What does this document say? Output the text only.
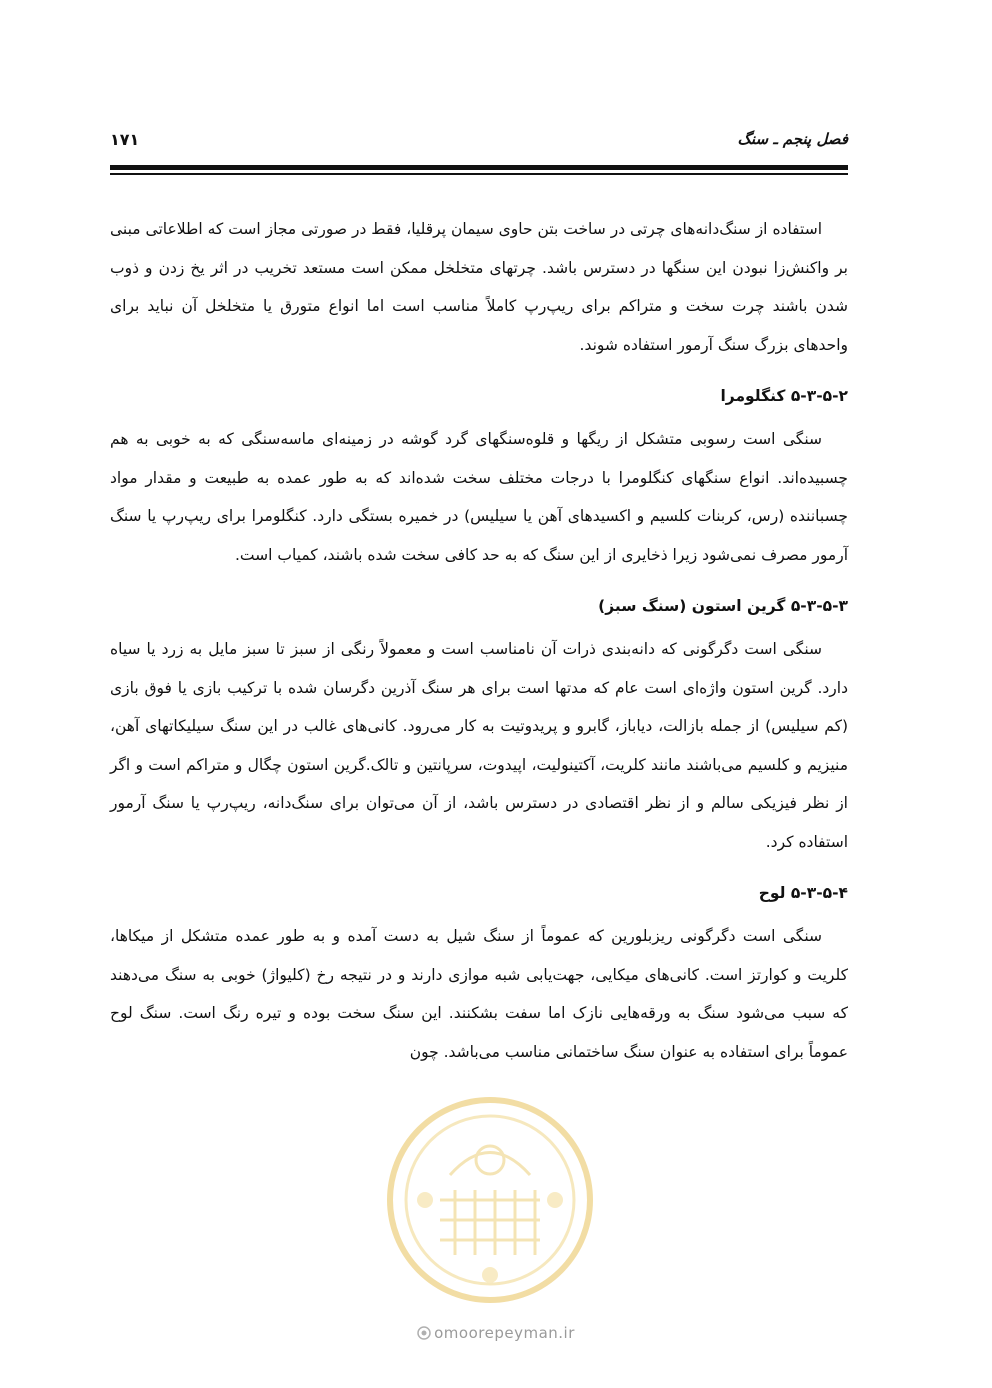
فصل پنجم ـ سنگ
۱۷۱

استفاده از سنگ‌دانه‌های چرتی در ساخت بتن حاوی سیمان پرقلیا، فقط در صورتی مجاز است که اطلاعاتی مبنی بر واکنش‌زا نبودن این سنگها در دسترس باشد. چرتهای متخلخل ممکن است مستعد تخریب در اثر یخ زدن و ذوب شدن باشند چرت سخت و متراکم برای ریپ‌رپ کاملاً مناسب است اما انواع متورق یا متخلخل آن نباید برای واحدهای بزرگ سنگ آرمور استفاده شوند.

۵-۳-۵-۲ کنگلومرا

سنگی است رسوبی متشکل از ریگها و قلوه‌سنگهای گرد گوشه در زمینه‌ای ماسه‌سنگی که به خوبی به هم چسبیده‌اند. انواع سنگهای کنگلومرا با درجات مختلف سخت شده‌اند که به طور عمده به طبیعت و مقدار مواد چسباننده (رس، کربنات کلسیم و اکسیدهای آهن یا سیلیس) در خمیره بستگی دارد. کنگلومرا برای ریپ‌رپ یا سنگ آرمور مصرف نمی‌شود زیرا ذخایری از این سنگ که به حد کافی سخت شده باشند، کمیاب است.

۵-۳-۵-۳ گرین استون (سنگ سبز)

سنگی است دگرگونی که دانه‌بندی ذرات آن نامناسب است و معمولاً رنگی از سبز تا سبز مایل به زرد یا سیاه دارد. گرین استون واژه‌ای است عام که مدتها است برای هر سنگ آذرین دگرسان شده با ترکیب بازی یا فوق بازی (کم سیلیس) از جمله بازالت، دیاباز، گابرو و پریدوتیت به کار می‌رود. کانی‌های غالب در این سنگ سیلیکاتهای آهن، منیزیم و کلسیم می‌باشند مانند کلریت، آکتینولیت، اپیدوت، سرپانتین و تالک.گرین استون چگال و متراکم است و اگر از نظر فیزیکی سالم و از نظر اقتصادی در دسترس باشد، از آن می‌توان برای سنگ‌دانه، ریپ‌رپ یا سنگ آرمور استفاده کرد.

۵-۳-۵-۴ لوح

سنگی است دگرگونی ریزبلورین که عموماً از سنگ شیل به دست آمده و به طور عمده متشکل از میکاها، کلریت و کوارتز است. کانی‌های میکایی، جهت‌یابی شبه موازی دارند و در نتیجه رخ (کلیواژ) خوبی به سنگ می‌دهند که سبب می‌شود سنگ به ورقه‌هایی نازک اما سفت بشکنند. این سنگ سخت بوده و تیره رنگ است. سنگ لوح عموماً برای استفاده به عنوان سنگ ساختمانی مناسب می‌باشد. چون

omoorepeyman.ir
